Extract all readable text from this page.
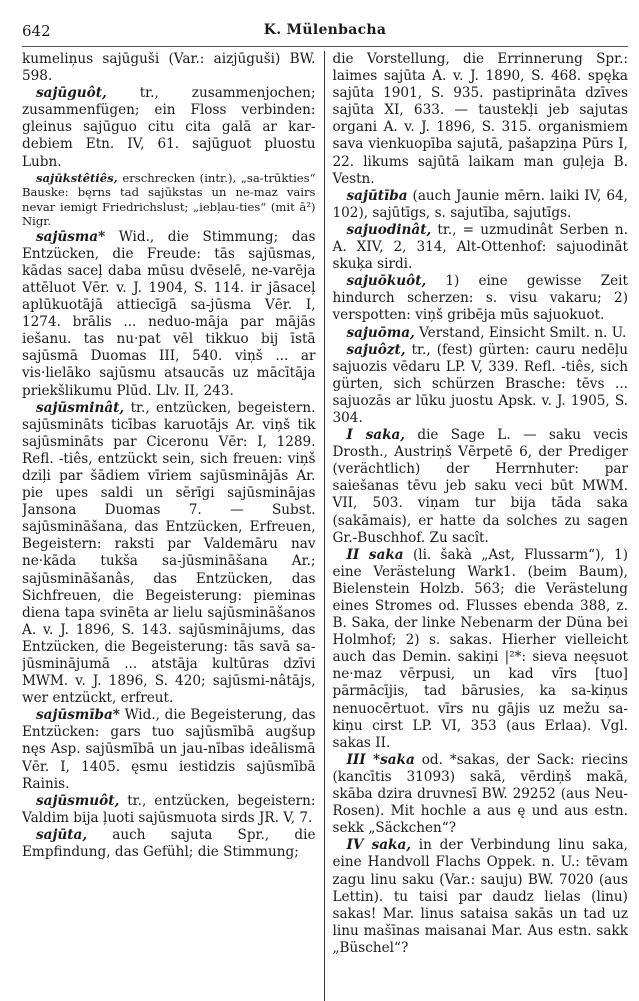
642	K. Mülenbacha

kumeliņus sajūguši (Var.: aizjūguši) BW. 598.

sajūguôt, tr., zusammenjochen; zusammenfügen; ein Floss verbinden: gleinus sajūguo citu cita galā ar kar-debiem Etn. IV, 61. sajūguot pluostu Lubn.

sajūkstêtiês, erschrecken (intr.), „sa-trūkties“ Bauske: bęrns tad sajūkstas un ne-maz vairs nevar iemigt Friedrichslust; „iebļau-ties“ (mit ā²) Nigr.

sajūsma* Wid., die Stimmung; das Entzücken, die Freude: tās sajūsmas, kādas saceļ daba mūsu dvēselē, ne-varēja attēluot Vēr. v. J. 1904, S. 114. ir jāsaceļ aplūkuotājā attiecīgā sa-jūsma Vēr. I, 1274. brālis ... neduo-māja par mājās iešanu. tas nu·pat vēl tikkuo bij īstā sajūsmā Duomas III, 540. viņš ... ar vis·lielāko sajūsmu atsaucās uz mācītāja priekšlikumu Plūd. Llv. II, 243.

sajūsminât, tr., entzücken, begeistern. sajūsmināts ticības karuotājs Ar. viņš tik sajūsmināts par Ciceronu Vēr: I, 1289. Refl. -tiês, entzückt sein, sich freuen: viņš dziļi par šādiem vīriem sajūsminājās Ar. pie upes saldi un sērīgi sajūsminājas Jansona Duomas 7. — Subst. sajūsmināšana, das Entzücken, Erfreuen, Begeistern: raksti par Valdemāru nav ne·kāda tukša sa-jūsmināšana Ar.; sajūsmināšanâs, das Entzücken, das Sichfreuen, die Begeisterung: pieminas diena tapa svinēta ar lielu sajūsmināšanos A. v. J. 1896, S. 143. sajūsminājums, das Entzücken, die Begeisterung: tās savā sa-jūsminājumā ... atstāja kultūras dzīvi MWM. v. J. 1896, S. 420; sajūsmi-nâtājs, wer entzückt, erfreut.

sajūsmība* Wid., die Begeisterung, das Entzücken: gars tuo sajūsmībā augšup nęs Asp. sajūsmībā un jau-nības ideālismā Vēr. I, 1405. ęsmu iestidzis sajūsmībā Rainis.

sajūsmuôt, tr., entzücken, begeistern: Valdim bija ļuoti sajūsmuota sirds JR. V, 7.

sajūta, auch sajuta Spr., die Empfindung, das Gefühl; die Stimmung;

die Vorstellung, die Errinnerung Spr.: laimes sajūta A. v. J. 1890, S. 468. spęka sajūta 1901, S. 935. pastiprināta dzīves sajūta XI, 633. — taustekļi jeb sajutas organi A. v. J. 1896, S. 315. organismiem sava vienkuopība sajutā, pašapziņa Pūrs I, 22. likums sajūtā laikam man guļeja B. Vestn.

sajūtība (auch Jaunie mērn. laiki IV, 64, 102), sajūtīgs, s. sajutība, sajutīgs.

sajuodinât, tr., = uzmudinât Serben n. A. XIV, 2, 314, Alt-Ottenhof: sajuodināt skuķa sirdi.

sajuōkuôt, 1) eine gewisse Zeit hindurch scherzen: s. visu vakaru; 2) verspotten: viņš gribēja mūs sajuokuot.

sajuōma, Verstand, Einsicht Smilt. n. U.

sajuôzt, tr., (fest) gürten: cauru nedēļu sajuozis vēdaru LP. V, 339. Refl. -tiês, sich gürten, sich schürzen Brasche: tēvs ... sajuozās ar lūku juostu Apsk. v. J. 1905, S. 304.

I saka, die Sage L. — saku vecis Drosth., Austriņš Vērpetē 6, der Prediger (verächtlich) der Herrnhuter: par saiešanas tēvu jeb saku veci būt MWM. VII, 503. viņam tur bija tāda saka (sakāmais), er hatte da solches zu sagen Gr.-Buschhof. Zu sacît.

II saka (li. šakà „Ast, Flussarm“), 1) eine Verästelung Wark1. (beim Baum), Bielenstein Holzb. 563; die Verästelung eines Stromes od. Flusses ebenda 388, z. B. Saka, der linke Nebenarm der Düna bei Holmhof; 2) s. sakas. Hierher vielleicht auch das Demin. sakiņi |²*: sieva neęsuot ne·maz vērpusi, un kad vīrs [tuo] pārmācījis, tad bārusies, ka sa-kiņus nenuocērtuot. vīrs nu gājis uz mežu sa-kiņu cirst LP. VI, 353 (aus Erlaa). Vgl. sakas II.

III *saka od. *sakas, der Sack: riecins (kancītis 31093) sakā, vērdiņš makā, skāba dzira druvnesī BW. 29252 (aus Neu-Rosen). Mit hochle a aus ę und aus estn. sekk „Säckchen“?

IV saka, in der Verbindung linu saka, eine Handvoll Flachs Oppek. n. U.: tēvam zagu linu saku (Var.: sauju) BW. 7020 (aus Lettin). tu taisi par daudz lielas (linu) sakas! Mar. linus sataisa sakās un tad uz linu mašīnas maisanai Mar. Aus estn. sakk „Büschel“?
